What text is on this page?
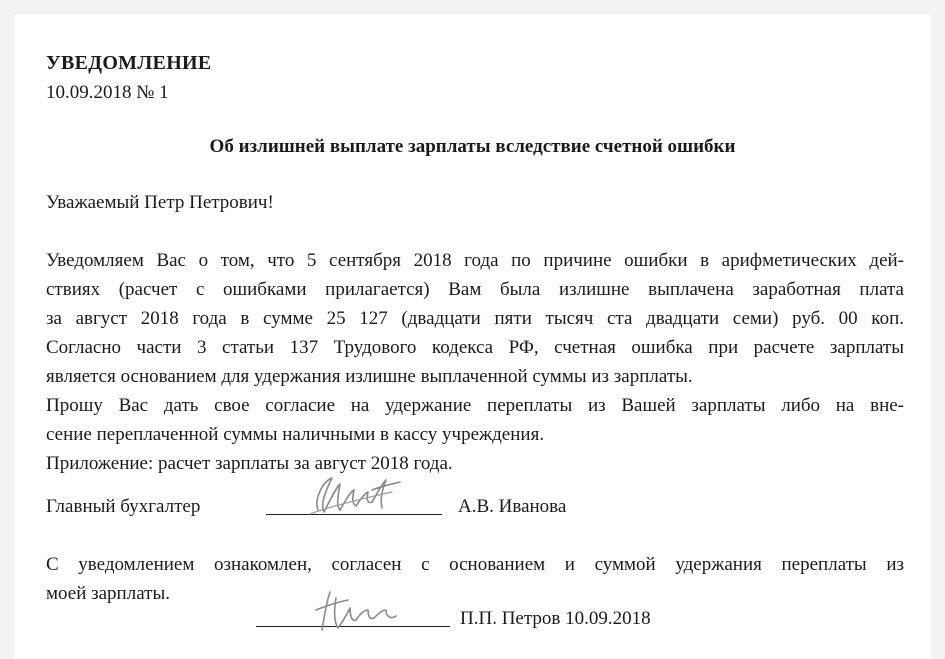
УВЕДОМЛЕНИЕ
10.09.2018 № 1
Об излишней выплате зарплаты вследствие счетной ошибки
Уважаемый Петр Петрович!
Уведомляем Вас о том, что 5 сентября 2018 года по причине ошибки в арифметических дей-
ствиях (расчет с ошибками прилагается) Вам была излишне выплачена заработная плата
за август 2018 года в сумме 25 127 (двадцати пяти тысяч ста двадцати семи) руб. 00 коп.
Согласно части 3 статьи 137 Трудового кодекса РФ, счетная ошибка при расчете зарплаты
является основанием для удержания излишне выплаченной суммы из зарплаты.
Прошу Вас дать свое согласие на удержание переплаты из Вашей зарплаты либо на вне-
сение переплаченной суммы наличными в кассу учреждения.
Приложение: расчет зарплаты за август 2018 года.
Главный бухгалтер	А.В. Иванова
С уведомлением ознакомлен, согласен с основанием и суммой удержания переплаты из
моей зарплаты.
П.П. Петров 10.09.2018
